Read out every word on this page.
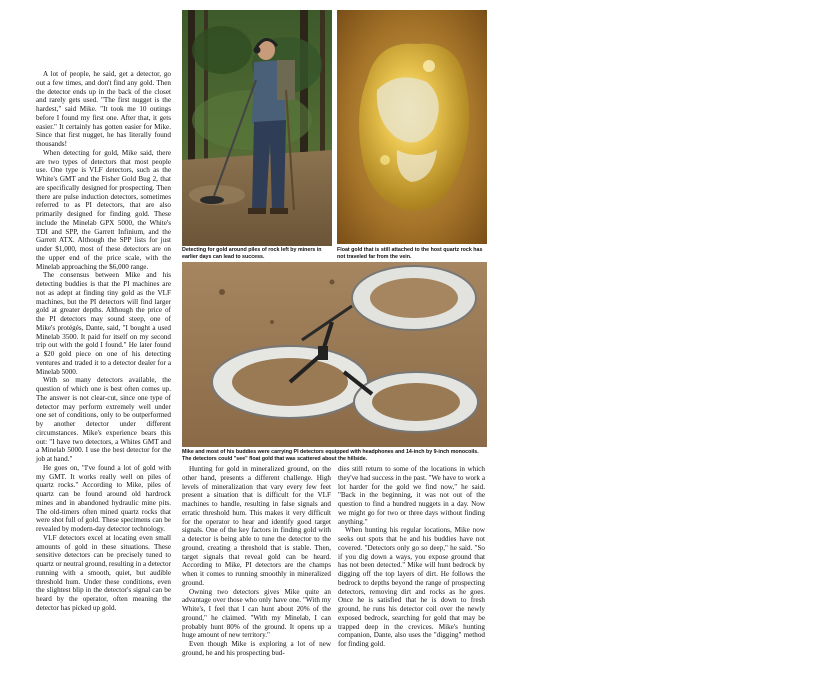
A lot of people, he said, get a detector, go out a few times, and don't find any gold. Then the detector ends up in the back of the closet and rarely gets used. "The first nugget is the hardest," said Mike. "It took me 10 outings before I found my first one. After that, it gets easier." It certainly has gotten easier for Mike. Since that first nugget, he has literally found thousands!

When detecting for gold, Mike said, there are two types of detectors that most people use. One type is VLF detectors, such as the White's GMT and the Fisher Gold Bug 2, that are specifically designed for prospecting. Then there are pulse induction detectors, sometimes referred to as PI detectors, that are also primarily designed for finding gold. These include the Minelab GPX 5000, the White's TDI and SPP, the Garrett Infinium, and the Garrett ATX. Although the SPP lists for just under $1,000, most of these detectors are on the upper end of the price scale, with the Minelab approaching the $6,000 range.

The consensus between Mike and his detecting buddies is that the PI machines are not as adept at finding tiny gold as the VLF machines, but the PI detectors will find larger gold at greater depths. Although the price of the PI detectors may sound steep, one of Mike's protégés, Dante, said, "I bought a used Minelab 3500. It paid for itself on my second trip out with the gold I found." He later found a $20 gold piece on one of his detecting ventures and traded it to a detector dealer for a Minelab 5000.

With so many detectors available, the question of which one is best often comes up. The answer is not clear-cut, since one type of detector may perform extremely well under one set of conditions, only to be outperformed by another detector under different circumstances. Mike's experience bears this out: "I have two detectors, a Whites GMT and a Minelab 5000. I use the best detector for the job at hand."

He goes on, "I've found a lot of gold with my GMT. It works really well on piles of quartz rocks." According to Mike, piles of quartz can be found around old hardrock mines and in abandoned hydraulic mine pits. The old-timers often mined quartz rocks that were shot full of gold. These specimens can be revealed by modern-day detector technology.

VLF detectors excel at locating even small amounts of gold in these situations. These sensitive detectors can be precisely tuned to quartz or neutral ground, resulting in a detector running with a smooth, quiet, but audible threshold hum. Under these conditions, even the slightest blip in the detector's signal can be heard by the operator, often meaning the detector has picked up gold.

MARC DAVIS PHOTO
Detecting for gold around piles of rock left by miners in earlier days can lead to success.
NIKI BOWEN PHOTO
Float gold that is still attached to the host quartz rock has not traveled far from the vein.
MARC DAVIS PHOTO
Mike and most of his buddies were carrying PI detectors equipped with headphones and 14-inch by 9-inch monocoils. The detectors could "see" float gold that was scattered about the hillside.

Hunting for gold in mineralized ground, on the other hand, presents a different challenge. High levels of mineralization that vary every few feet present a situation that is difficult for the VLF machines to handle, resulting in false signals and erratic threshold hum. This makes it very difficult for the operator to hear and identify good target signals. One of the key factors in finding gold with a detector is being able to tune the detector to the ground, creating a threshold that is stable. Then, target signals that reveal gold can be heard. According to Mike, PI detectors are the champs when it comes to running smoothly in mineralized ground.

Owning two detectors gives Mike quite an advantage over those who only have one. "With my White's, I feel that I can hunt about 20% of the ground," he claimed. "With my Minelab, I can probably hunt 80% of the ground. It opens up a huge amount of new territory."

Even though Mike is exploring a lot of new ground, he and his prospecting bud-

dies still return to some of the locations in which they've had success in the past. "We have to work a lot harder for the gold we find now," he said. "Back in the beginning, it was not out of the question to find a hundred nuggets in a day. Now we might go for two or three days without finding anything."

When hunting his regular locations, Mike now seeks out spots that he and his buddies have not covered. "Detectors only go so deep," he said. "So if you dig down a ways, you expose ground that has not been detected." Mike will hunt bedrock by digging off the top layers of dirt. He follows the bedrock to depths beyond the range of prospecting detectors, removing dirt and rocks as he goes. Once he is satisfied that he is down to fresh ground, he runs his detector coil over the newly exposed bedrock, searching for gold that may be trapped deep in the crevices. Mike's hunting companion, Dante, also uses the "digging" method for finding gold.
